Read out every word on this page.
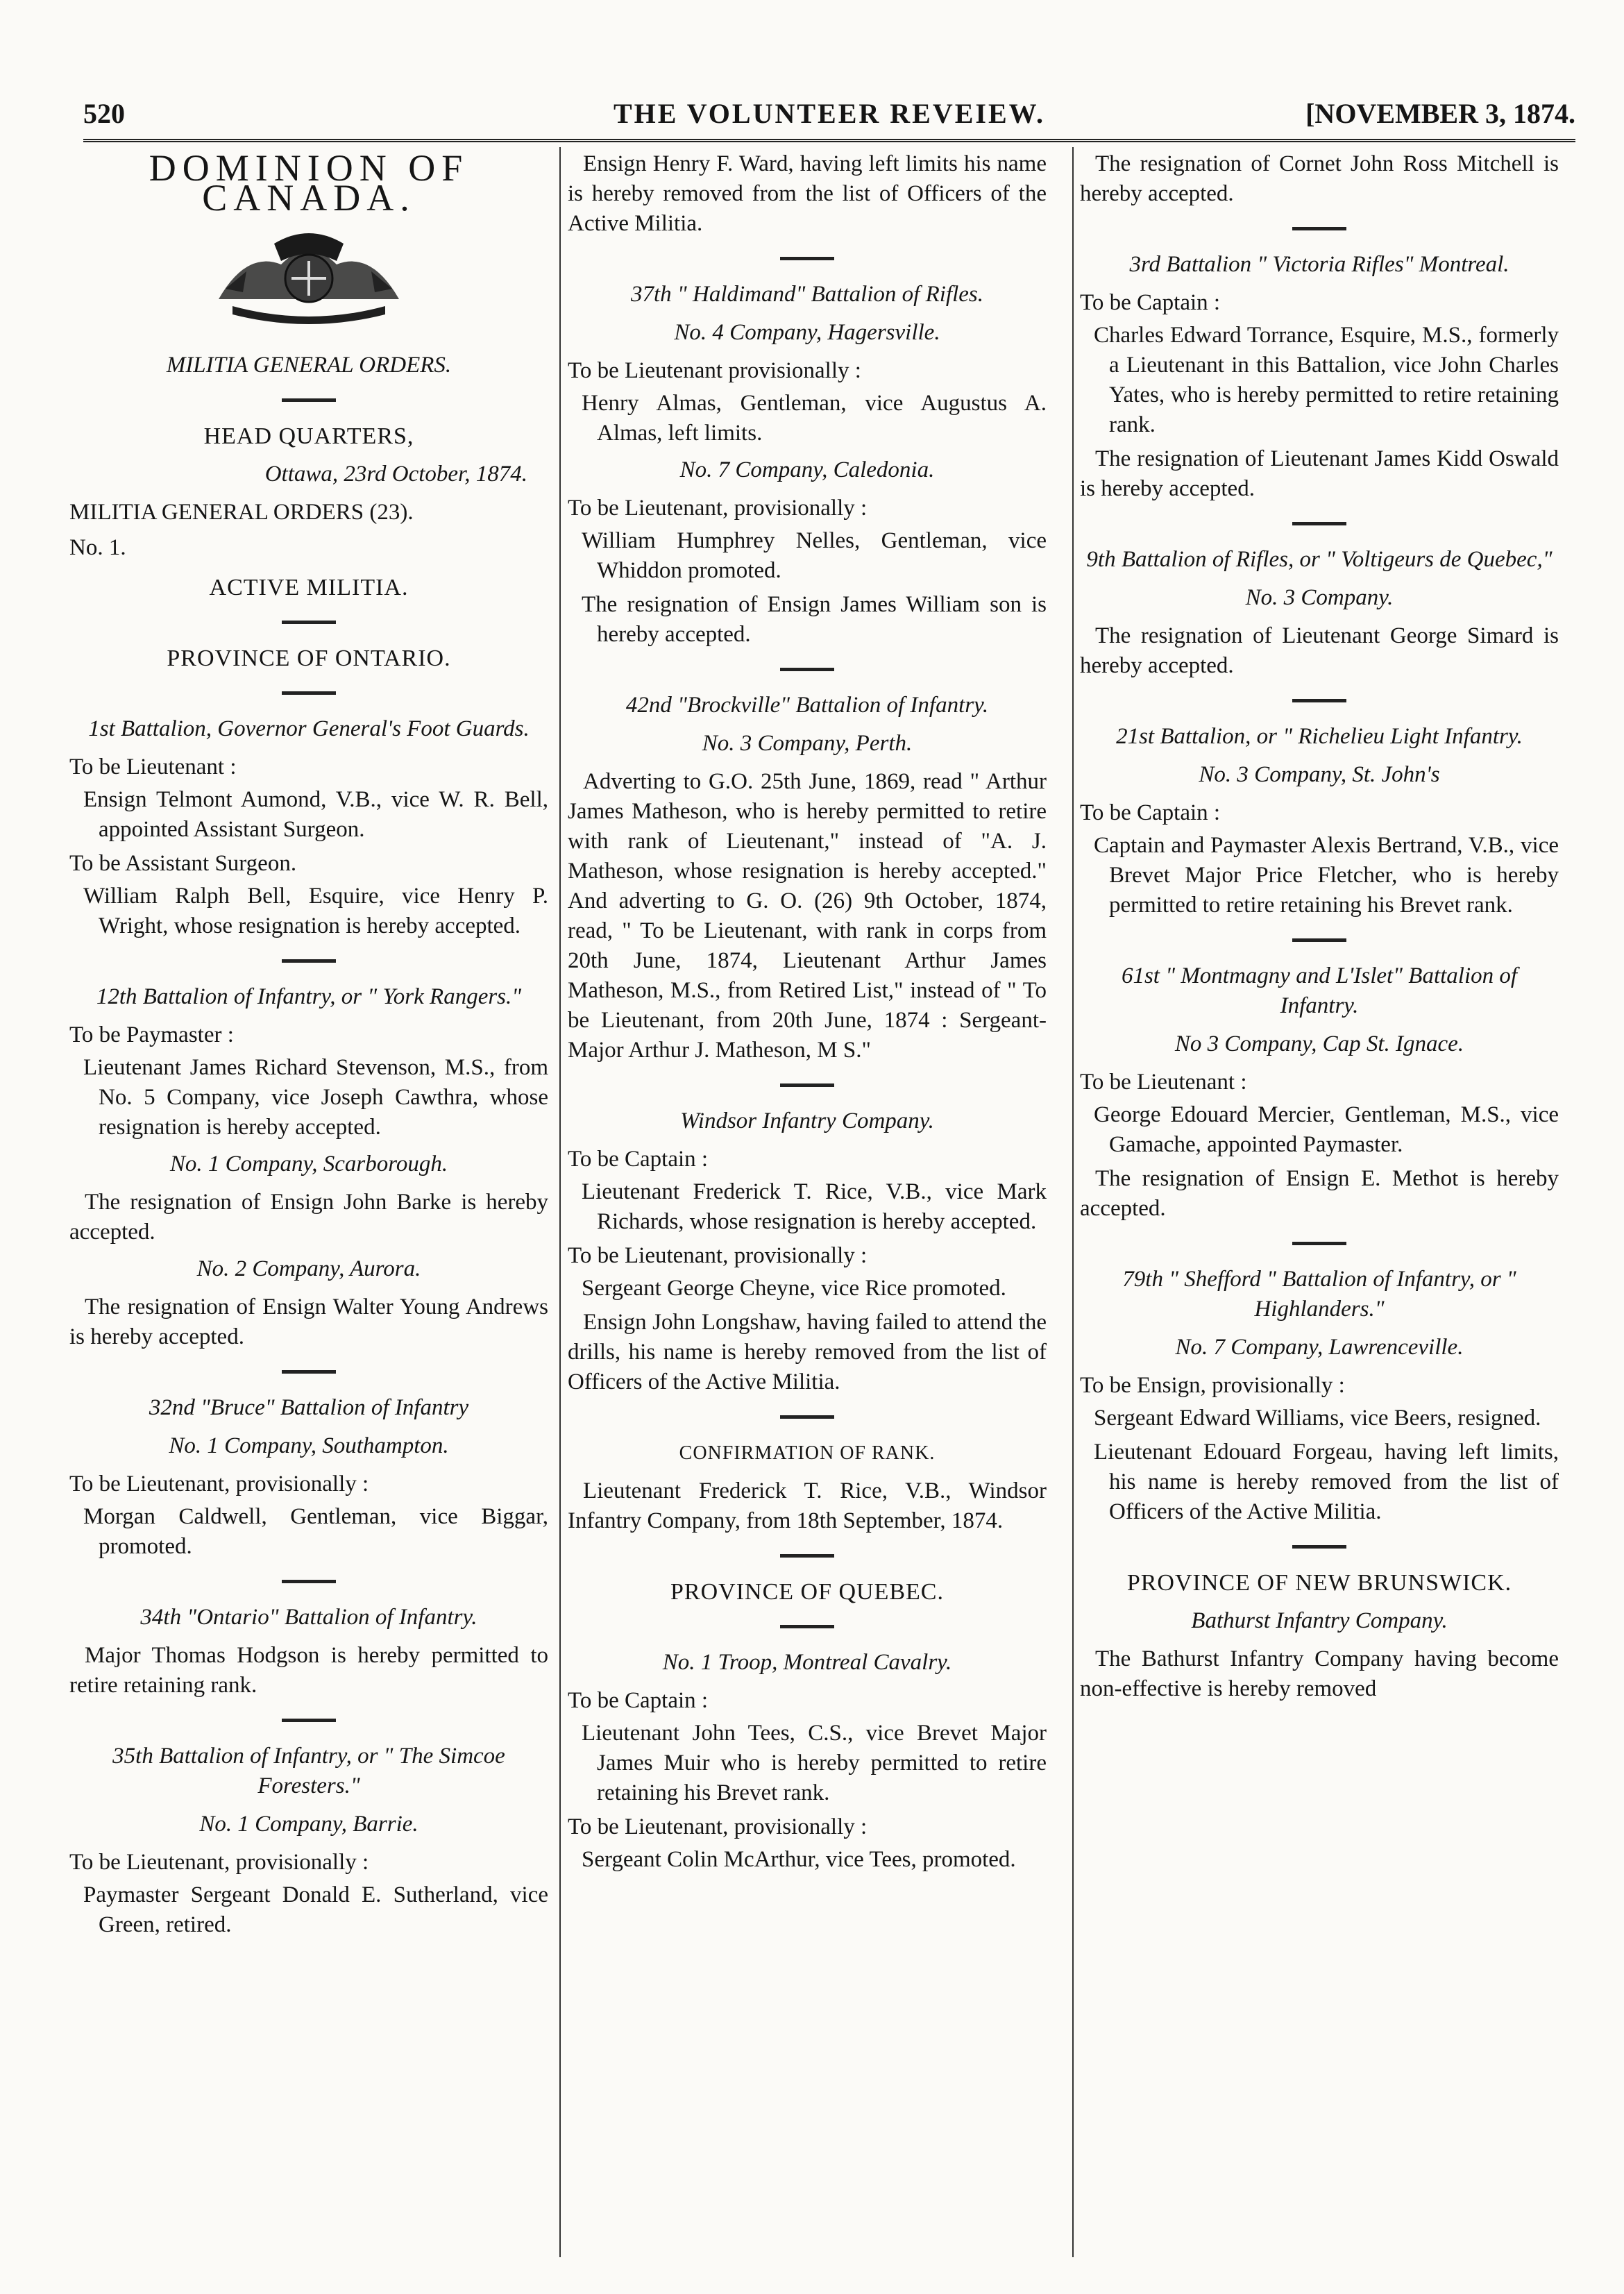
520	THE VOLUNTEER REVEIEW.	[NOVEMBER 3, 1874.

DOMINION OF CANADA.

MILITIA GENERAL ORDERS.

HEAD QUARTERS,

Ottawa, 23rd October, 1874.

MILITIA GENERAL ORDERS (23).

No. 1.

ACTIVE MILITIA.

PROVINCE OF ONTARIO.

1st Battalion, Governor General's Foot Guards.

To be Lieutenant :

Ensign Telmont Aumond, V.B., vice W. R. Bell, appointed Assistant Surgeon.

To be Assistant Surgeon.

William Ralph Bell, Esquire, vice Henry P. Wright, whose resignation is hereby accepted.

12th Battalion of Infantry, or " York Rangers."

To be Paymaster :

Lieutenant James Richard Stevenson, M.S., from No. 5 Company, vice Joseph Cawthra, whose resignation is hereby accepted.

No. 1 Company, Scarborough.

The resignation of Ensign John Barke is hereby accepted.

No. 2 Company, Aurora.

The resignation of Ensign Walter Young Andrews is hereby accepted.

32nd "Bruce" Battalion of Infantry

No. 1 Company, Southampton.

To be Lieutenant, provisionally :

Morgan Caldwell, Gentleman, vice Biggar, promoted.

34th "Ontario" Battalion of Infantry.

Major Thomas Hodgson is hereby permitted to retire retaining rank.

35th Battalion of Infantry, or " The Simcoe Foresters."

No. 1 Company, Barrie.

To be Lieutenant, provisionally :

Paymaster Sergeant Donald E. Sutherland, vice Green, retired.

Ensign Henry F. Ward, having left limits his name is hereby removed from the list of Officers of the Active Militia.

37th " Haldimand" Battalion of Rifles.

No. 4 Company, Hagersville.

To be Lieutenant provisionally :

Henry Almas, Gentleman, vice Augustus A. Almas, left limits.

No. 7 Company, Caledonia.

To be Lieutenant, provisionally :

William Humphrey Nelles, Gentleman, vice Whiddon promoted.

The resignation of Ensign James William son is hereby accepted.

42nd "Brockville" Battalion of Infantry.

No. 3 Company, Perth.

Adverting to G.O. 25th June, 1869, read " Arthur James Matheson, who is hereby permitted to retire with rank of Lieutenant," instead of "A. J. Matheson, whose resignation is hereby accepted." And adverting to G. O. (26) 9th October, 1874, read, " To be Lieutenant, with rank in corps from 20th June, 1874, Lieutenant Arthur James Matheson, M.S., from Retired List," instead of " To be Lieutenant, from 20th June, 1874 : Sergeant-Major Arthur J. Matheson, M S."

Windsor Infantry Company.

To be Captain :

Lieutenant Frederick T. Rice, V.B., vice Mark Richards, whose resignation is hereby accepted.

To be Lieutenant, provisionally :

Sergeant George Cheyne, vice Rice promoted.

Ensign John Longshaw, having failed to attend the drills, his name is hereby removed from the list of Officers of the Active Militia.

CONFIRMATION OF RANK.

Lieutenant Frederick T. Rice, V.B., Windsor Infantry Company, from 18th September, 1874.

PROVINCE OF QUEBEC.

No. 1 Troop, Montreal Cavalry.

To be Captain :

Lieutenant John Tees, C.S., vice Brevet Major James Muir who is hereby permitted to retire retaining his Brevet rank.

To be Lieutenant, provisionally :

Sergeant Colin McArthur, vice Tees, promoted.

The resignation of Cornet John Ross Mitchell is hereby accepted.

3rd Battalion " Victoria Rifles" Montreal.

To be Captain :

Charles Edward Torrance, Esquire, M.S., formerly a Lieutenant in this Battalion, vice John Charles Yates, who is hereby permitted to retire retaining rank.

The resignation of Lieutenant James Kidd Oswald is hereby accepted.

9th Battalion of Rifles, or " Voltigeurs de Quebec,"

No. 3 Company.

The resignation of Lieutenant George Simard is hereby accepted.

21st Battalion, or " Richelieu Light Infantry.

No. 3 Company, St. John's

To be Captain :

Captain and Paymaster Alexis Bertrand, V.B., vice Brevet Major Price Fletcher, who is hereby permitted to retire retaining his Brevet rank.

61st " Montmagny and L'Islet" Battalion of Infantry.

No 3 Company, Cap St. Ignace.

To be Lieutenant :

George Edouard Mercier, Gentleman, M.S., vice Gamache, appointed Paymaster.

The resignation of Ensign E. Methot is hereby accepted.

79th " Shefford " Battalion of Infantry, or " Highlanders."

No. 7 Company, Lawrenceville.

To be Ensign, provisionally :

Sergeant Edward Williams, vice Beers, resigned.

Lieutenant Edouard Forgeau, having left limits, his name is hereby removed from the list of Officers of the Active Militia.

PROVINCE OF NEW BRUNSWICK.

Bathurst Infantry Company.

The Bathurst Infantry Company having become non-effective is hereby removed
